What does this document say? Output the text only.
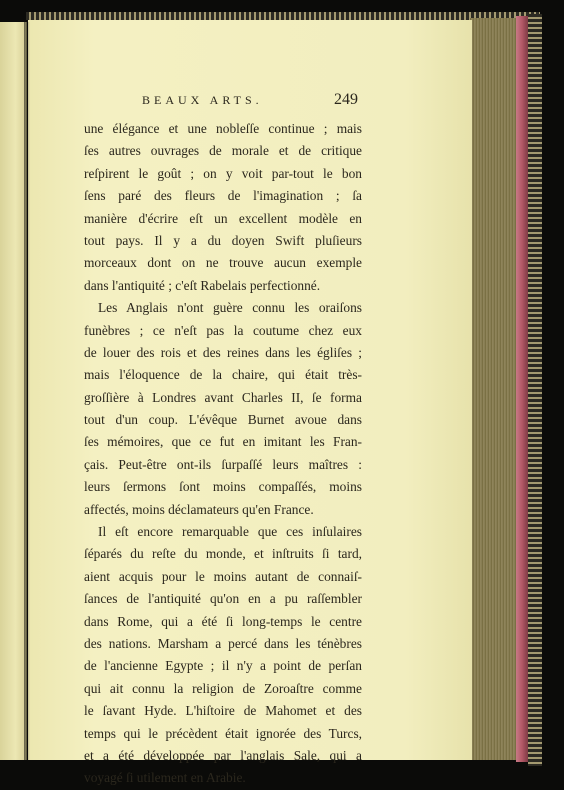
BEAUX ARTS.	249
une élégance et une nobleſſe continue ; mais
ſes autres ouvrages de morale et de critique
reſpirent le goût ; on y voit par-tout le bon
ſens paré des fleurs de l'imagination ; ſa
manière d'écrire eſt un excellent modèle en
tout pays. Il y a du doyen Swift pluſieurs
morceaux dont on ne trouve aucun exemple
dans l'antiquité ; c'eſt Rabelais perfectionné.
Les Anglais n'ont guère connu les oraiſons
funèbres ; ce n'eſt pas la coutume chez eux
de louer des rois et des reines dans les égliſes ;
mais l'éloquence de la chaire, qui était très-
groſſière à Londres avant Charles II, ſe forma
tout d'un coup. L'évêque Burnet avoue dans
ſes mémoires, que ce fut en imitant les Fran-
çais. Peut-être ont-ils ſurpaſſé leurs maîtres :
leurs ſermons ſont moins compaſſés, moins
affectés, moins déclamateurs qu'en France.
Il eſt encore remarquable que ces inſulaires
ſéparés du reſte du monde, et inſtruits ſi tard,
aient acquis pour le moins autant de connaiſ-
ſances de l'antiquité qu'on en a pu raſſembler
dans Rome, qui a été ſi long-temps le centre
des nations. Marsham a percé dans les ténèbres
de l'ancienne Egypte ; il n'y a point de perſan
qui ait connu la religion de Zoroaſtre comme
le ſavant Hyde. L'hiſtoire de Mahomet et des
temps qui le précèdent était ignorée des Turcs,
et a été développée par l'anglais Sale, qui a
voyagé ſi utilement en Arabie.
